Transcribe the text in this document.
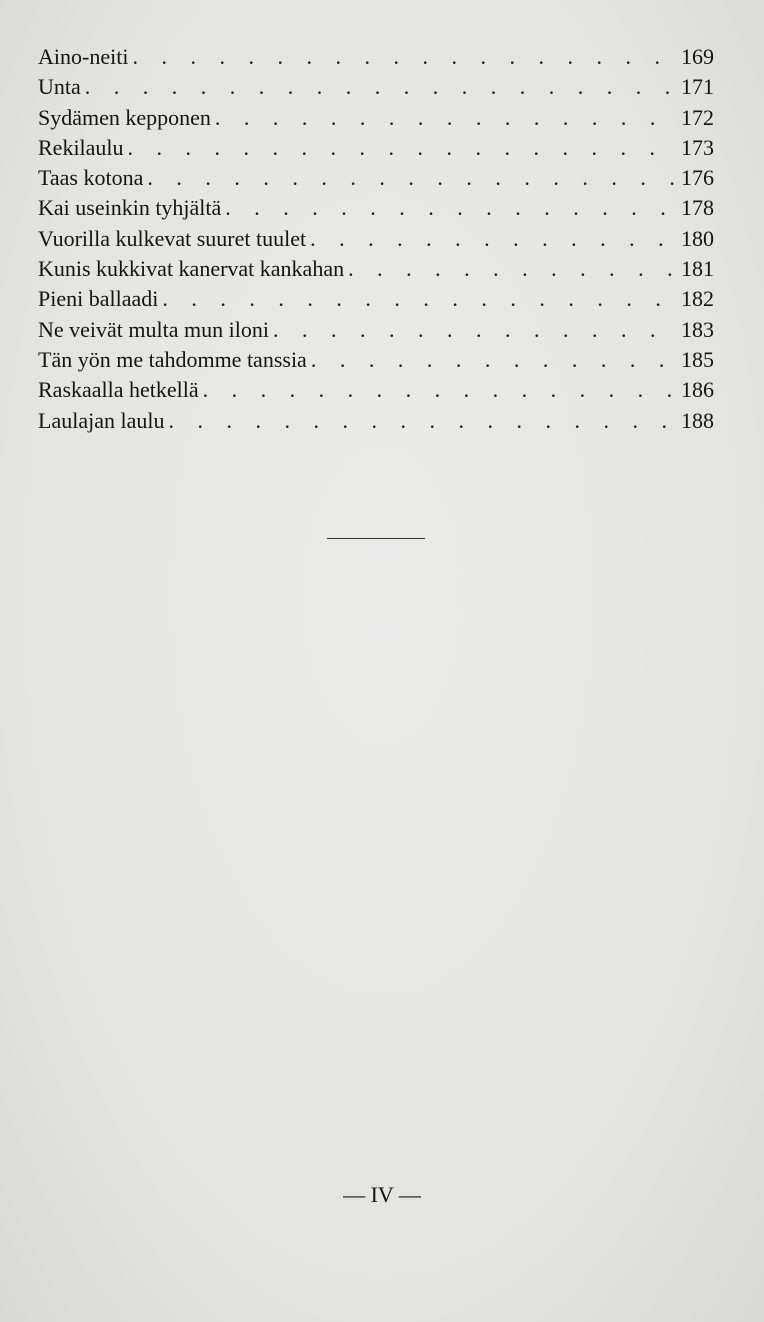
Aino-neiti . . .	169
Unta . . .	171
Sydämen kepponen . . .	172
Rekilaulu . . .	173
Taas kotona . . .	176
Kai useinkin tyhjältä . . .	178
Vuorilla kulkevat suuret tuulet . . .	180
Kunis kukkivat kanervat kankahan . . .	181
Pieni ballaadi . . .	182
Ne veivät multa mun iloni . . .	183
Tän yön me tahdomme tanssia . . .	185
Raskaalla hetkellä . . .	186
Laulajan laulu . . .	188
— IV —
